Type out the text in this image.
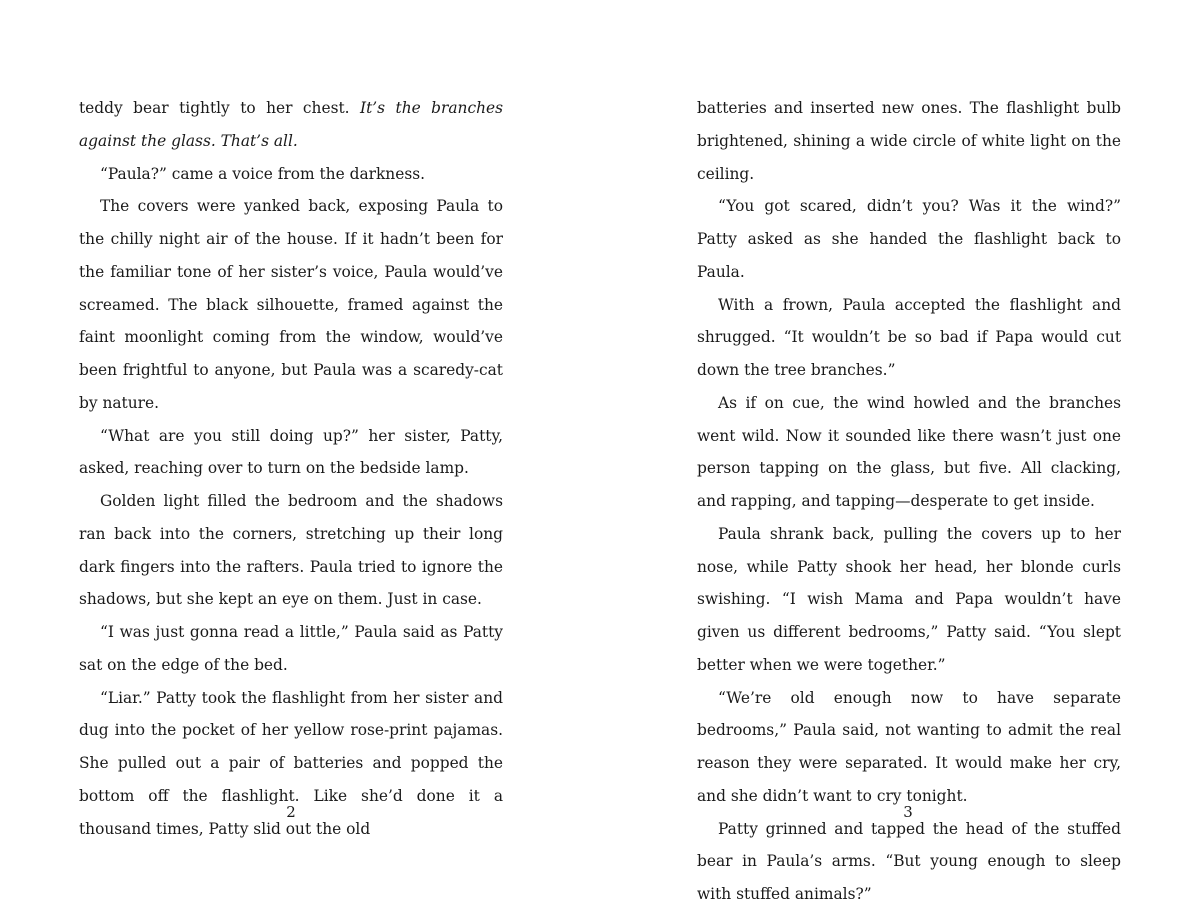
teddy bear tightly to her chest. It’s the branches against the glass. That’s all.

“Paula?” came a voice from the darkness.

The covers were yanked back, exposing Paula to the chilly night air of the house. If it hadn’t been for the familiar tone of her sister’s voice, Paula would’ve screamed. The black silhouette, framed against the faint moonlight coming from the window, would’ve been frightful to anyone, but Paula was a scaredy-cat by nature.

“What are you still doing up?” her sister, Patty, asked, reaching over to turn on the bedside lamp.

Golden light filled the bedroom and the shadows ran back into the corners, stretching up their long dark fingers into the rafters. Paula tried to ignore the shadows, but she kept an eye on them. Just in case.

“I was just gonna read a little,” Paula said as Patty sat on the edge of the bed.

“Liar.” Patty took the flashlight from her sister and dug into the pocket of her yellow rose-print pajamas. She pulled out a pair of batteries and popped the bottom off the flashlight. Like she’d done it a thousand times, Patty slid out the old

2

batteries and inserted new ones. The flashlight bulb brightened, shining a wide circle of white light on the ceiling.

“You got scared, didn’t you? Was it the wind?” Patty asked as she handed the flashlight back to Paula.

With a frown, Paula accepted the flashlight and shrugged. “It wouldn’t be so bad if Papa would cut down the tree branches.”

As if on cue, the wind howled and the branches went wild. Now it sounded like there wasn’t just one person tapping on the glass, but five. All clacking, and rapping, and tapping—desperate to get inside.

Paula shrank back, pulling the covers up to her nose, while Patty shook her head, her blonde curls swishing. “I wish Mama and Papa wouldn’t have given us different bedrooms,” Patty said. “You slept better when we were together.”

“We’re old enough now to have separate bedrooms,” Paula said, not wanting to admit the real reason they were separated. It would make her cry, and she didn’t want to cry tonight.

Patty grinned and tapped the head of the stuffed bear in Paula’s arms. “But young enough to sleep with stuffed animals?”

3
